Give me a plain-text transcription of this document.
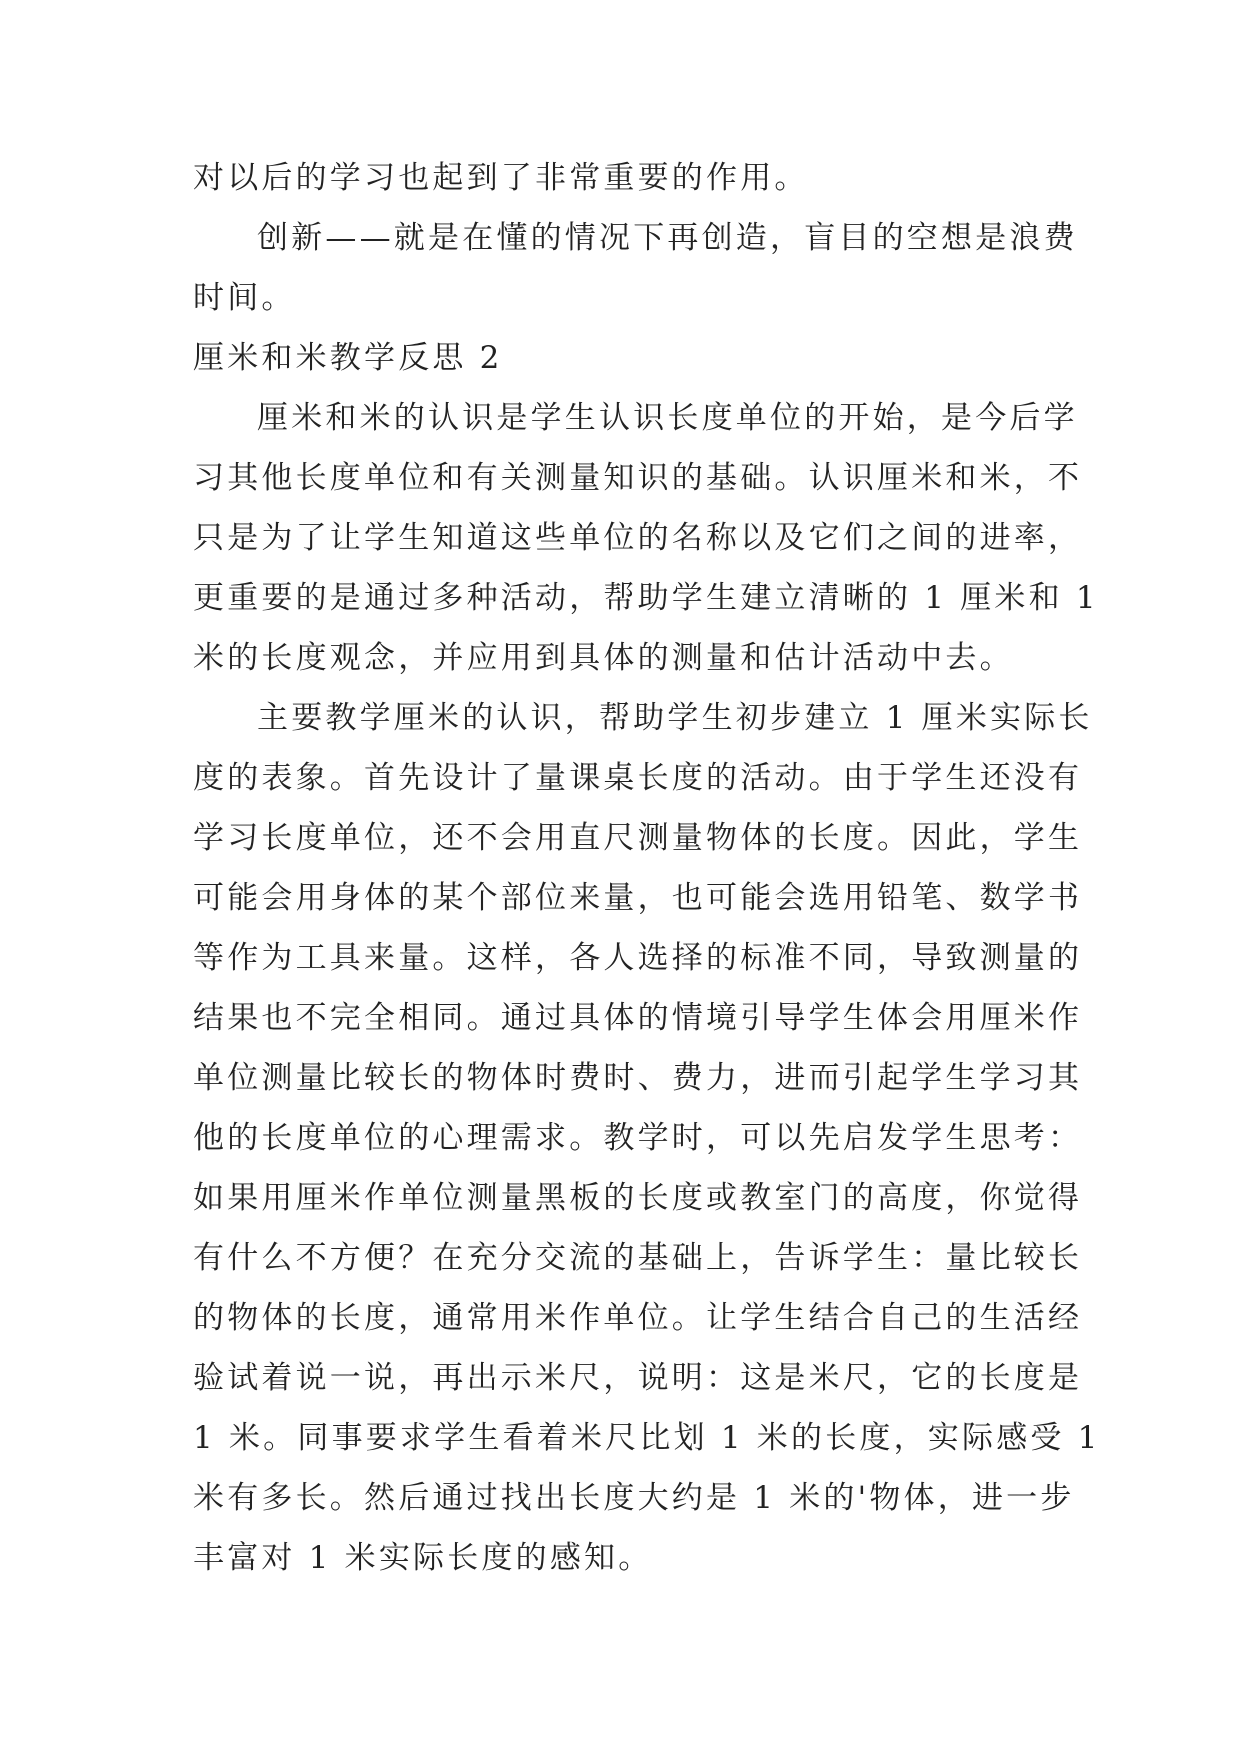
对以后的学习也起到了非常重要的作用。
创新——就是在懂的情况下再创造，盲目的空想是浪费
时间。
厘米和米教学反思 2
厘米和米的认识是学生认识长度单位的开始，是今后学
习其他长度单位和有关测量知识的基础。认识厘米和米，不
只是为了让学生知道这些单位的名称以及它们之间的进率，
更重要的是通过多种活动，帮助学生建立清晰的 1 厘米和 1
米的长度观念，并应用到具体的测量和估计活动中去。
主要教学厘米的认识，帮助学生初步建立 1 厘米实际长
度的表象。首先设计了量课桌长度的活动。由于学生还没有
学习长度单位，还不会用直尺测量物体的长度。因此，学生
可能会用身体的某个部位来量，也可能会选用铅笔、数学书
等作为工具来量。这样，各人选择的标准不同，导致测量的
结果也不完全相同。通过具体的情境引导学生体会用厘米作
单位测量比较长的物体时费时、费力，进而引起学生学习其
他的长度单位的心理需求。教学时，可以先启发学生思考：
如果用厘米作单位测量黑板的长度或教室门的高度，你觉得
有什么不方便？在充分交流的基础上，告诉学生：量比较长
的物体的长度，通常用米作单位。让学生结合自己的生活经
验试着说一说，再出示米尺，说明：这是米尺，它的长度是
1 米。同事要求学生看着米尺比划 1 米的长度，实际感受 1
米有多长。然后通过找出长度大约是 1 米的'物体，进一步
丰富对 1 米实际长度的感知。
